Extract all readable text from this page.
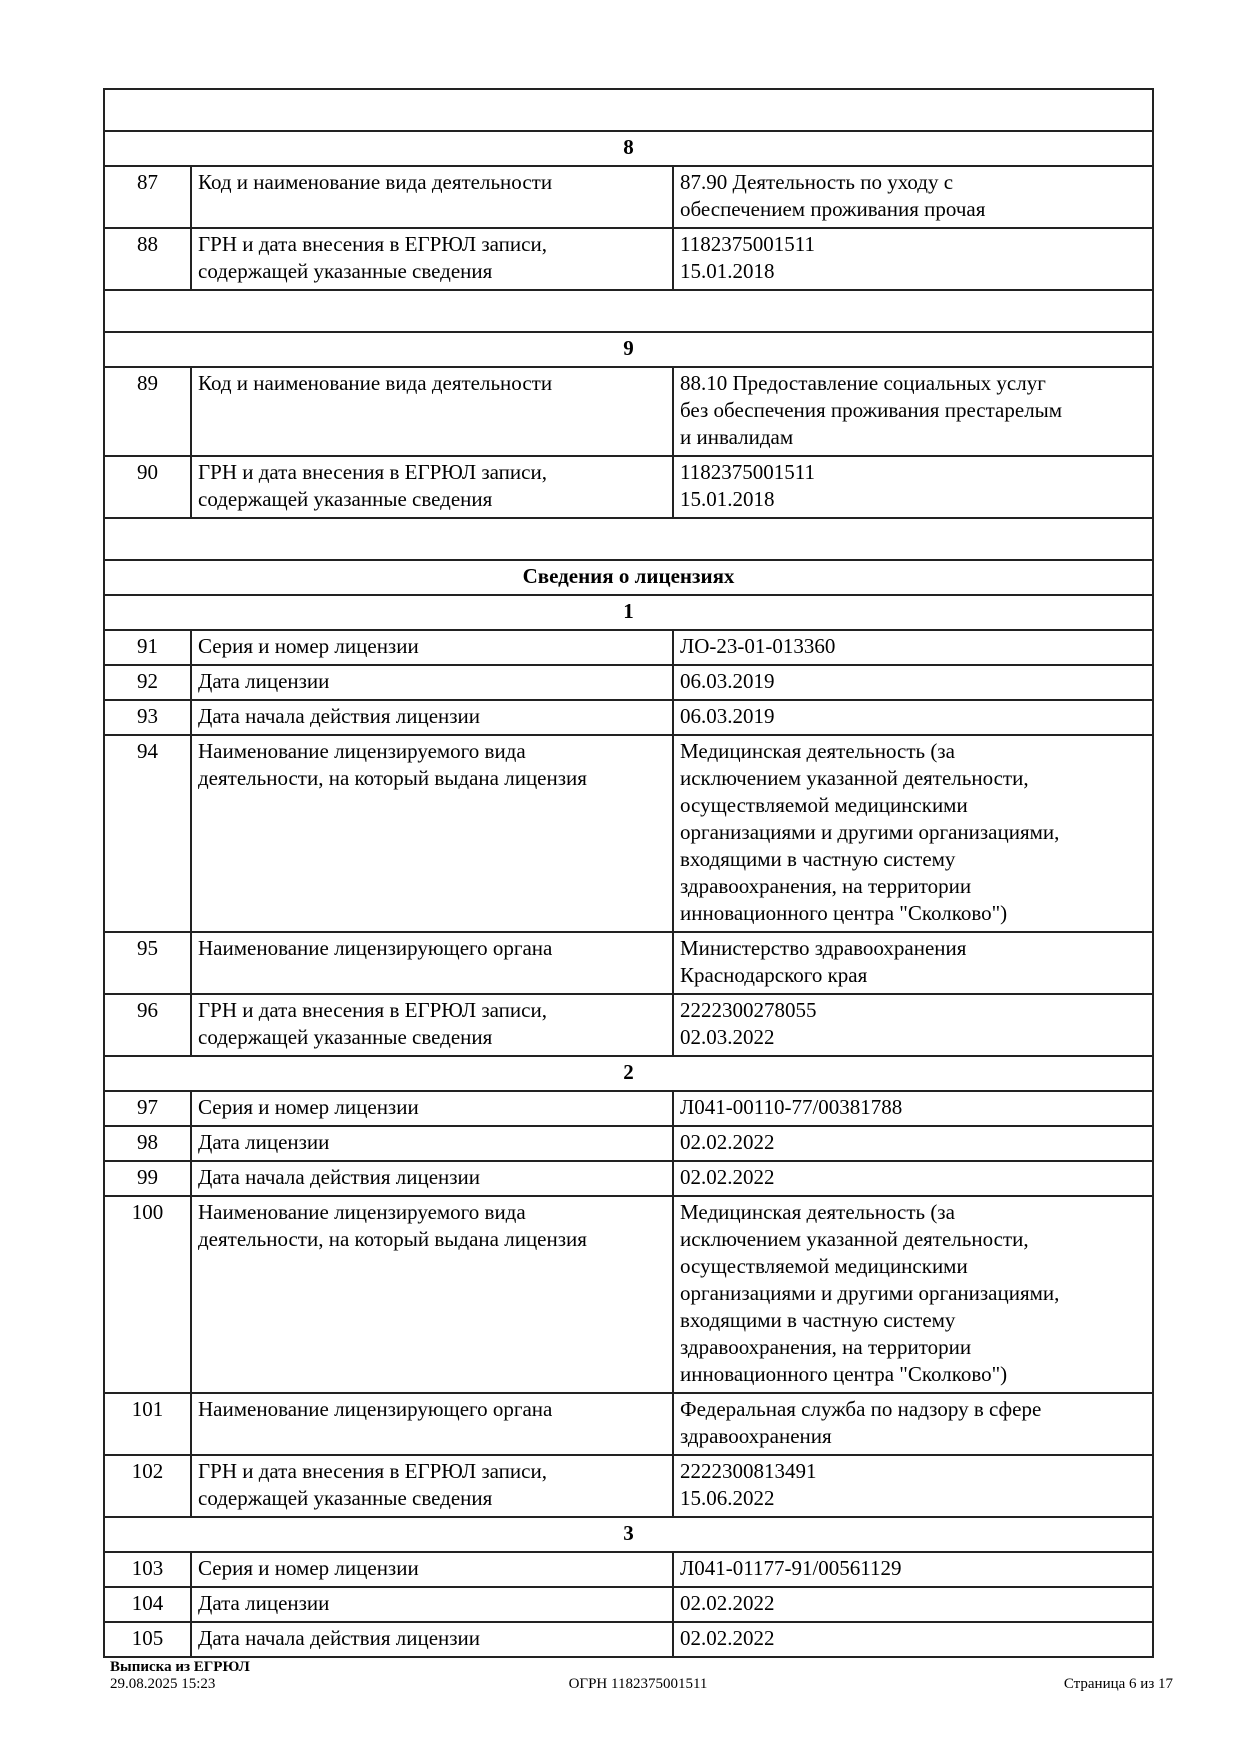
8		
87	Код и наименование вида деятельности	87.90 Деятельность по уходу с
обеспечением проживания прочая
88	ГРН и дата внесения в ЕГРЮЛ записи,
содержащей указанные сведения	1182375001511
15.01.2018

9		
89	Код и наименование вида деятельности	88.10 Предоставление социальных услуг
без обеспечения проживания престарелым
и инвалидам
90	ГРН и дата внесения в ЕГРЮЛ записи,
содержащей указанные сведения	1182375001511
15.01.2018

Сведения о лицензиях		
1		
91	Серия и номер лицензии	ЛО-23-01-013360
92	Дата лицензии	06.03.2019
93	Дата начала действия лицензии	06.03.2019
94	Наименование лицензируемого вида
деятельности, на который выдана лицензия	Медицинская деятельность (за
исключением указанной деятельности,
осуществляемой медицинскими
организациями и другими организациями,
входящими в частную систему
здравоохранения, на территории
инновационного центра "Сколково")
95	Наименование лицензирующего органа	Министерство здравоохранения
Краснодарского края
96	ГРН и дата внесения в ЕГРЮЛ записи,
содержащей указанные сведения	2222300278055
02.03.2022
2		
97	Серия и номер лицензии	Л041-00110-77/00381788
98	Дата лицензии	02.02.2022
99	Дата начала действия лицензии	02.02.2022
100	Наименование лицензируемого вида
деятельности, на который выдана лицензия	Медицинская деятельность (за
исключением указанной деятельности,
осуществляемой медицинскими
организациями и другими организациями,
входящими в частную систему
здравоохранения, на территории
инновационного центра "Сколково")
101	Наименование лицензирующего органа	Федеральная служба по надзору в сфере
здравоохранения
102	ГРН и дата внесения в ЕГРЮЛ записи,
содержащей указанные сведения	2222300813491
15.06.2022
3		
103	Серия и номер лицензии	Л041-01177-91/00561129
104	Дата лицензии	02.02.2022
105	Дата начала действия лицензии	02.02.2022
Выписка из ЕГРЮЛ
29.08.2025 15:23	ОГРН 1182375001511	Страница 6 из 17
